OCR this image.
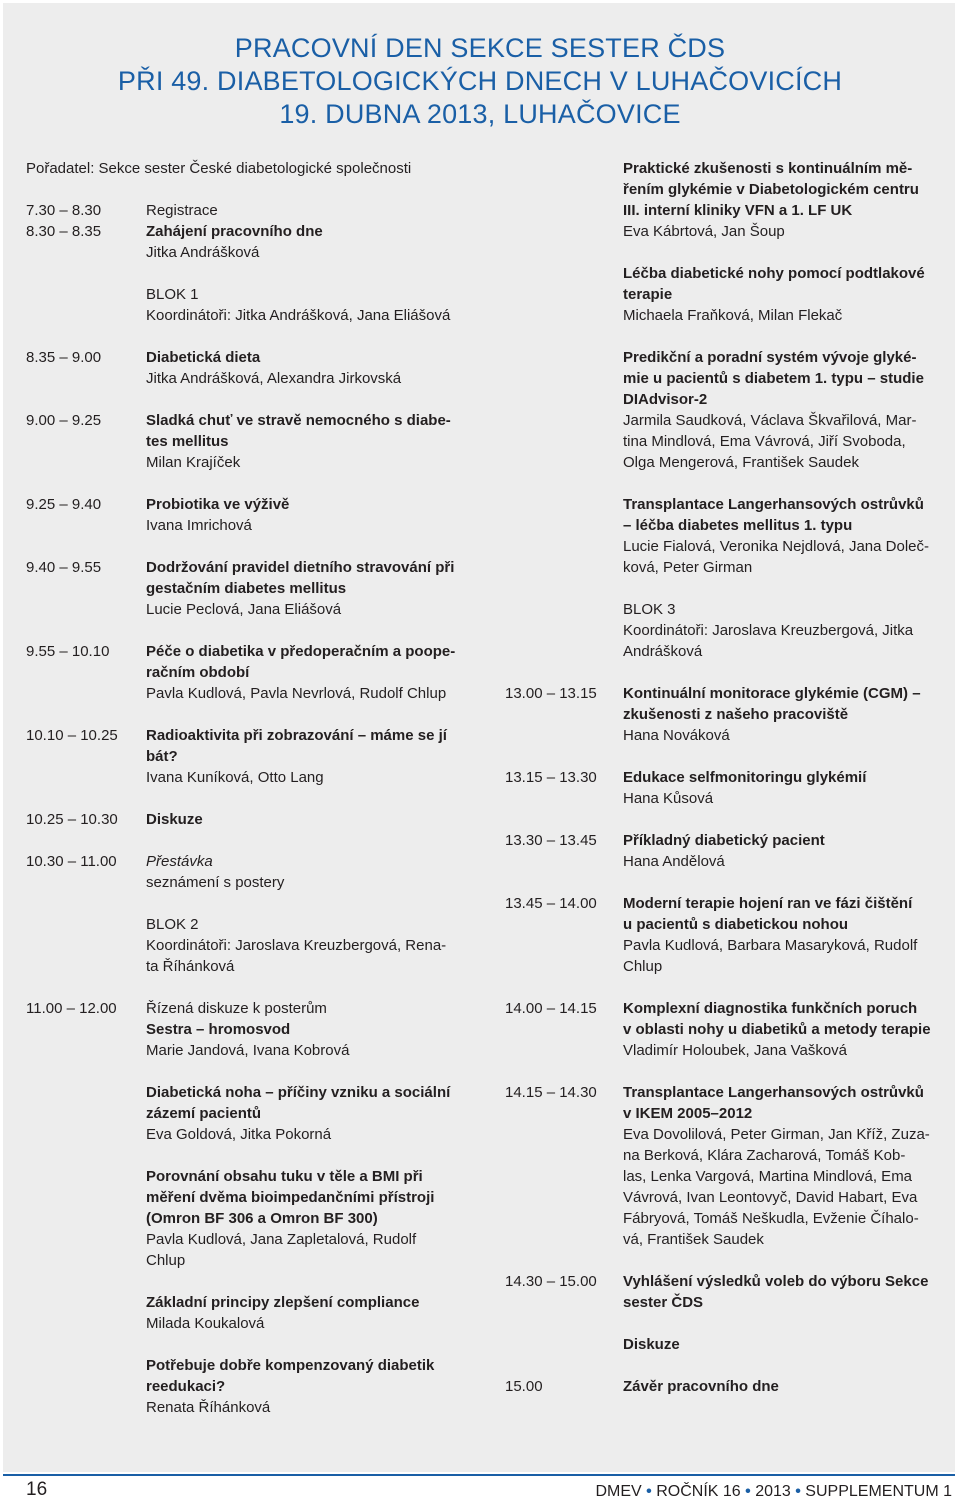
PRACOVNÍ DEN SEKCE SESTER ČDS
PŘI 49. DIABETOLOGICKÝCH DNECH V LUHAČOVICÍCH
19. DUBNA 2013, LUHAČOVICE
Pořadatel: Sekce sester České diabetologické společnosti
7.30 – 8.30	Registrace
8.30 – 8.35	Zahájení pracovního dne
Jitka Andrášková
BLOK 1
Koordinátoři: Jitka Andrášková, Jana Eliášová
8.35 – 9.00	Diabetická dieta
Jitka Andrášková, Alexandra Jirkovská
9.00 – 9.25	Sladká chuť ve stravě nemocného s diabe-
tes mellitus
Milan Krajíček
9.25 – 9.40	Probiotika ve výživě
Ivana Imrichová
9.40 – 9.55	Dodržování pravidel dietního stravování při
gestačním diabetes mellitus
Lucie Peclová, Jana Eliášová
9.55 – 10.10	Péče o diabetika v předoperačním a poope-
račním období
Pavla Kudlová, Pavla Nevrlová, Rudolf Chlup
10.10 – 10.25	Radioaktivita při zobrazování – máme se jí
bát?
Ivana Kuníková, Otto Lang
10.25 – 10.30	Diskuze
10.30 – 11.00	Přestávka
seznámení s postery
BLOK 2
Koordinátoři: Jaroslava Kreuzbergová, Rena-
ta Říhánková
11.00 – 12.00	Řízená diskuze k posterům
Sestra – hromosvod
Marie Jandová, Ivana Kobrová
Diabetická noha – příčiny vzniku a sociální
zázemí pacientů
Eva Goldová, Jitka Pokorná
Porovnání obsahu tuku v těle a BMI při
měření dvěma bioimpedančními přístroji
(Omron BF 306 a Omron BF 300)
Pavla Kudlová, Jana Zapletalová, Rudolf
Chlup
Základní principy zlepšení compliance
Milada Koukalová
Potřebuje dobře kompenzovaný diabetik
reedukaci?
Renata Říhánková
Praktické zkušenosti s kontinuálním mě-
řením glykémie v Diabetologickém centru
III. interní kliniky VFN a 1. LF UK
Eva Kábrtová, Jan Šoup
Léčba diabetické nohy pomocí podtlakové
terapie
Michaela Fraňková, Milan Flekač
Predikční a poradní systém vývoje glyké-
mie u pacientů s diabetem 1. typu – studie
DIAdvisor-2
Jarmila Saudková, Václava Škvařilová, Mar-
tina Mindlová, Ema Vávrová, Jiří Svoboda,
Olga Mengerová, František Saudek
Transplantace Langerhansových ostrůvků
– léčba diabetes mellitus 1. typu
Lucie Fialová, Veronika Nejdlová, Jana Doleč-
ková, Peter Girman
BLOK 3
Koordinátoři: Jaroslava Kreuzbergová, Jitka
Andrášková
13.00 – 13.15	Kontinuální monitorace glykémie (CGM) –
zkušenosti z našeho pracoviště
Hana Nováková
13.15 – 13.30	Edukace selfmonitoringu glykémií
Hana Kůsová
13.30 – 13.45	Příkladný diabetický pacient
Hana Andělová
13.45 – 14.00	Moderní terapie hojení ran ve fázi čištění
u pacientů s diabetickou nohou
Pavla Kudlová, Barbara Masaryková, Rudolf
Chlup
14.00 – 14.15	Komplexní diagnostika funkčních poruch
v oblasti nohy u diabetiků a metody terapie
Vladimír Holoubek, Jana Vašková
14.15 – 14.30	Transplantace Langerhansových ostrůvků
v IKEM 2005–2012
Eva Dovolilová, Peter Girman, Jan Kříž, Zuza-
na Berková, Klára Zacharová, Tomáš Kob-
las, Lenka Vargová, Martina Mindlová, Ema
Vávrová, Ivan Leontovyč, David Habart, Eva
Fábryová, Tomáš Neškudla, Evženie Číhalo-
vá, František Saudek
14.30 – 15.00	Vyhlášení výsledků voleb do výboru Sekce
sester ČDS
Diskuze
15.00	Závěr pracovního dne
16	DMEV • ROČNÍK 16 • 2013 • SUPPLEMENTUM 1
